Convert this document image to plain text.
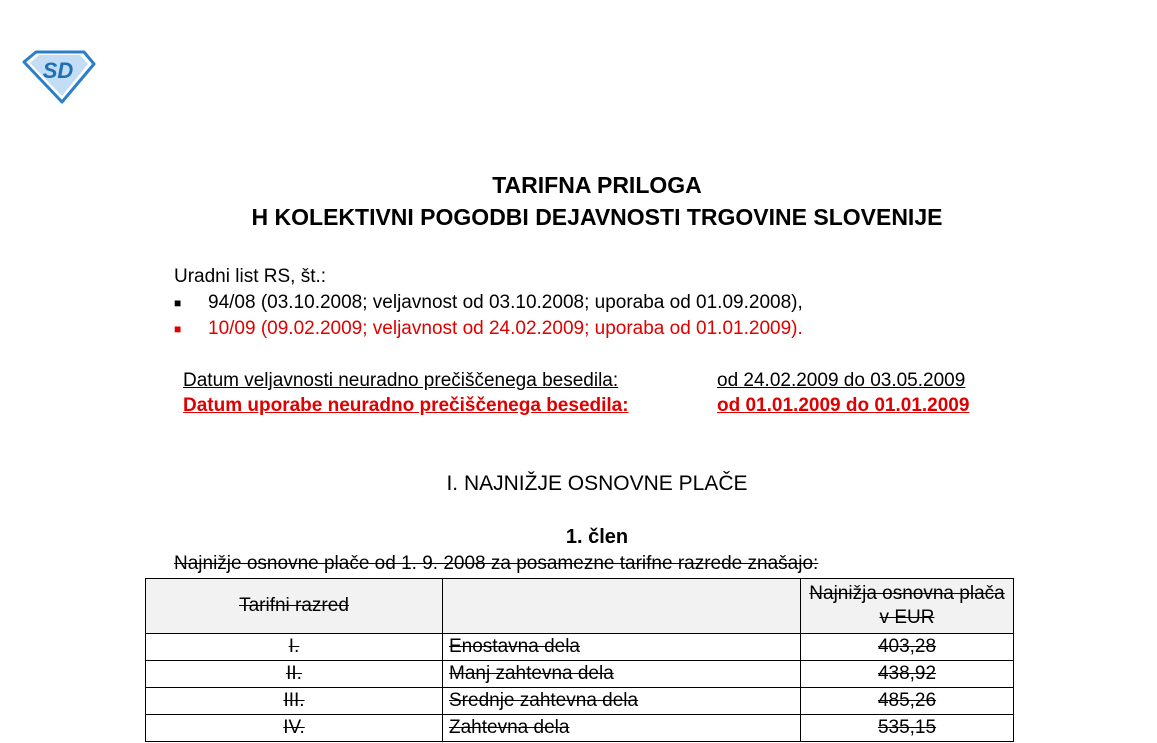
SD
TARIFNA PRILOGA
H KOLEKTIVNI POGODBI DEJAVNOSTI TRGOVINE SLOVENIJE
Uradni list RS, št.:
■ 94/08 (03.10.2008; veljavnost od 03.10.2008; uporaba od 01.09.2008),
■ 10/09 (09.02.2009; veljavnost od 24.02.2009; uporaba od 01.01.2009).
Datum veljavnosti neuradno prečiščenega besedila:	od 24.02.2009 do 03.05.2009
Datum uporabe neuradno prečiščenega besedila:	od 01.01.2009 do 01.01.2009
I. NAJNIŽJE OSNOVNE PLAČE
1. člen
Najnižje osnovne plače od 1. 9. 2008 za posamezne tarifne razrede znašajo:
Tarifni razred		Najnižja osnovna plača v EUR
I.	Enostavna dela	403,28
II.	Manj zahtevna dela	438,92
III.	Srednje zahtevna dela	485,26
IV.	Zahtevna dela	535,15
